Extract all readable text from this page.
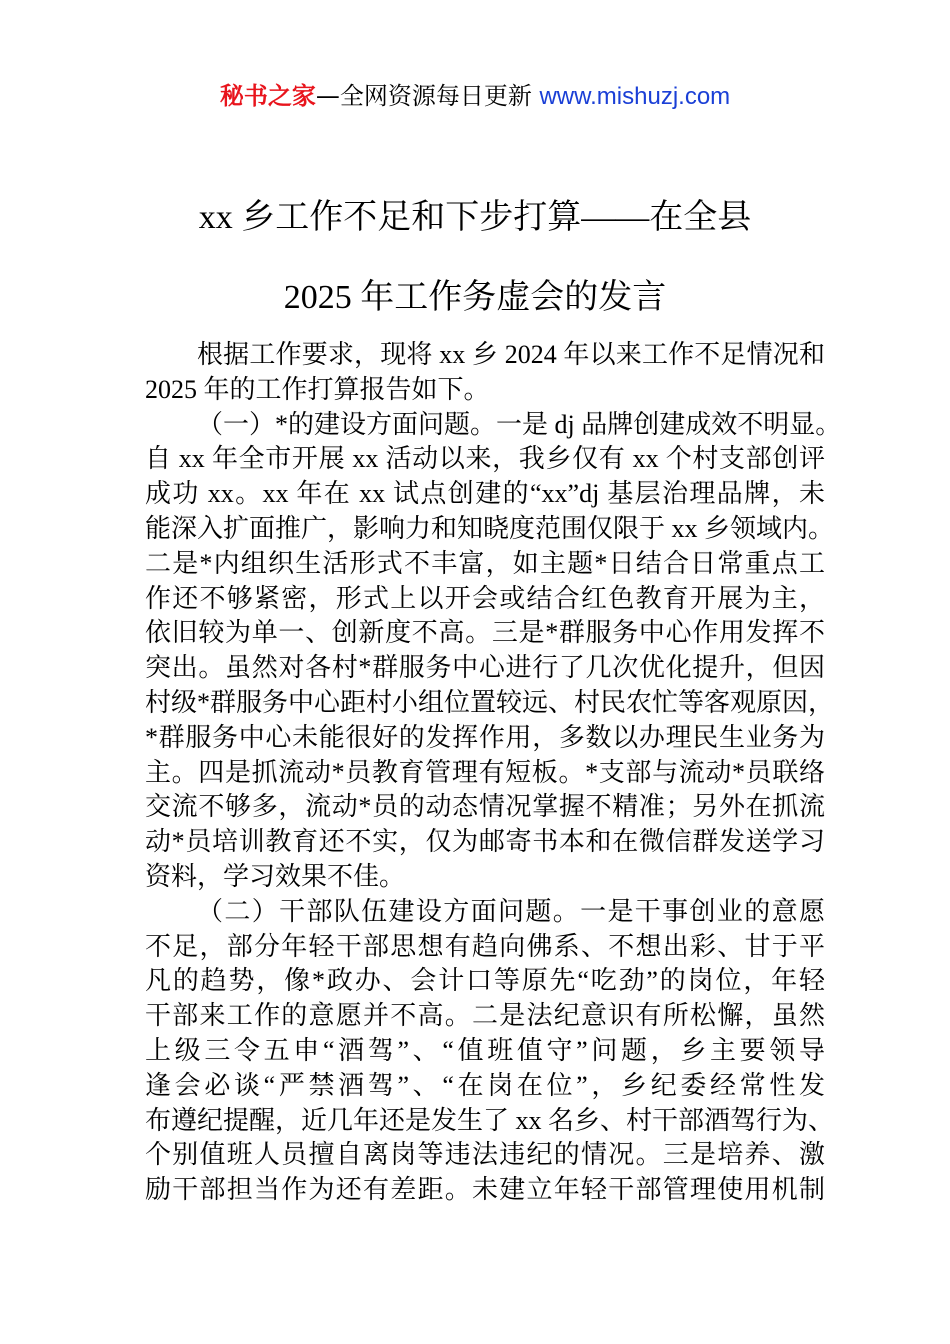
秘书之家—全网资源每日更新 www.mishuzj.com
xx 乡工作不足和下步打算——在全县
2025 年工作务虚会的发言
根据工作要求，现将 xx 乡 2024 年以来工作不足情况和
2025 年的工作打算报告如下。
（一）*的建设方面问题。一是 dj 品牌创建成效不明显。
自 xx 年全市开展 xx 活动以来，我乡仅有 xx 个村支部创评
成功 xx。xx 年在 xx 试点创建的“xx”dj 基层治理品牌，未
能深入扩面推广，影响力和知晓度范围仅限于 xx 乡领域内。
二是*内组织生活形式不丰富，如主题*日结合日常重点工
作还不够紧密，形式上以开会或结合红色教育开展为主，
依旧较为单一、创新度不高。三是*群服务中心作用发挥不
突出。虽然对各村*群服务中心进行了几次优化提升，但因
村级*群服务中心距村小组位置较远、村民农忙等客观原因，
*群服务中心未能很好的发挥作用，多数以办理民生业务为
主。四是抓流动*员教育管理有短板。*支部与流动*员联络
交流不够多，流动*员的动态情况掌握不精准；另外在抓流
动*员培训教育还不实，仅为邮寄书本和在微信群发送学习
资料，学习效果不佳。
（二）干部队伍建设方面问题。一是干事创业的意愿
不足，部分年轻干部思想有趋向佛系、不想出彩、甘于平
凡的趋势，像*政办、会计口等原先“吃劲”的岗位，年轻
干部来工作的意愿并不高。二是法纪意识有所松懈，虽然
上级三令五申“酒驾”、“值班值守”问题，乡主要领导
逢会必谈“严禁酒驾”、“在岗在位”，乡纪委经常性发
布遵纪提醒，近几年还是发生了 xx 名乡、村干部酒驾行为、
个别值班人员擅自离岗等违法违纪的情况。三是培养、激
励干部担当作为还有差距。未建立年轻干部管理使用机制
